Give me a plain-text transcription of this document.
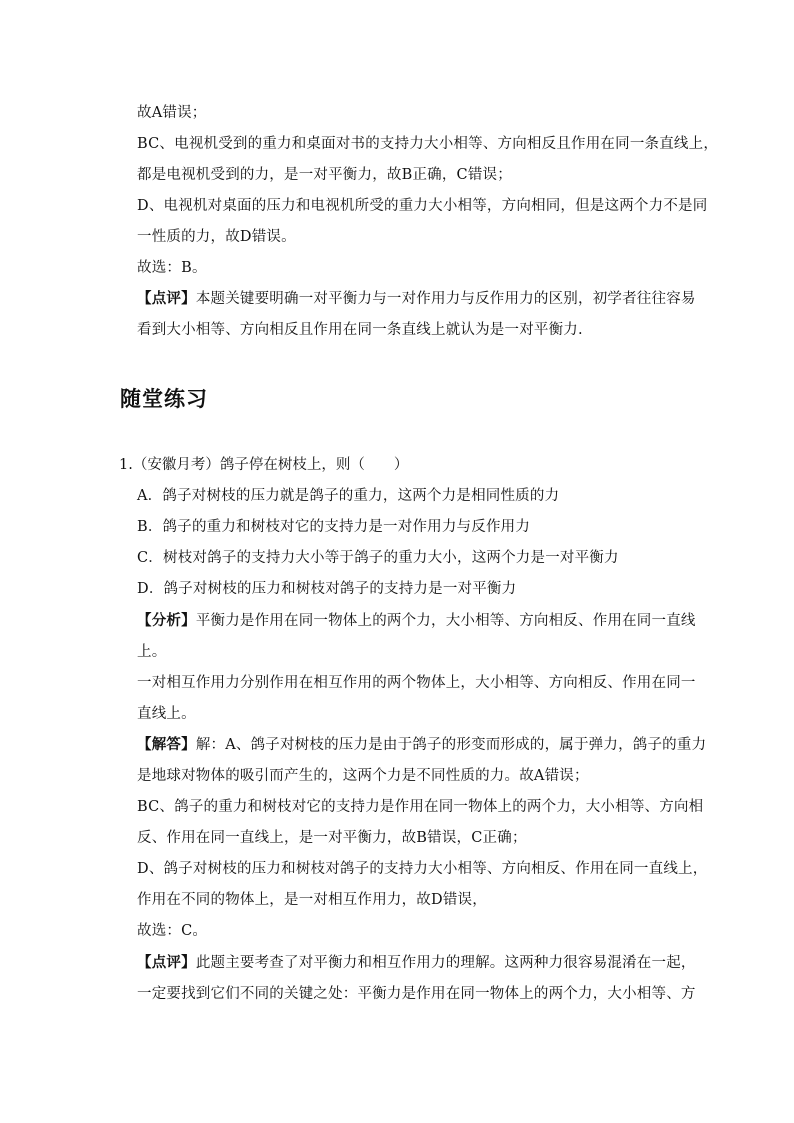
故A错误；
BC、电视机受到的重力和桌面对书的支持力大小相等、方向相反且作用在同一条直线上，
都是电视机受到的力，是一对平衡力，故B正确，C错误；
D、电视机对桌面的压力和电视机所受的重力大小相等，方向相同，但是这两个力不是同
一性质的力，故D错误。
故选：B。
【点评】本题关键要明确一对平衡力与一对作用力与反作用力的区别，初学者往往容易
看到大小相等、方向相反且作用在同一条直线上就认为是一对平衡力.
随堂练习
1.（安徽月考）鸽子停在树枝上，则（　　）
A．鸽子对树枝的压力就是鸽子的重力，这两个力是相同性质的力
B．鸽子的重力和树枝对它的支持力是一对作用力与反作用力
C．树枝对鸽子的支持力大小等于鸽子的重力大小，这两个力是一对平衡力
D．鸽子对树枝的压力和树枝对鸽子的支持力是一对平衡力
【分析】平衡力是作用在同一物体上的两个力，大小相等、方向相反、作用在同一直线
上。
一对相互作用力分别作用在相互作用的两个物体上，大小相等、方向相反、作用在同一
直线上。
【解答】解：A、鸽子对树枝的压力是由于鸽子的形变而形成的，属于弹力，鸽子的重力
是地球对物体的吸引而产生的，这两个力是不同性质的力。故A错误；
BC、鸽子的重力和树枝对它的支持力是作用在同一物体上的两个力，大小相等、方向相
反、作用在同一直线上，是一对平衡力，故B错误，C正确；
D、鸽子对树枝的压力和树枝对鸽子的支持力大小相等、方向相反、作用在同一直线上，
作用在不同的物体上，是一对相互作用力，故D错误，
故选：C。
【点评】此题主要考查了对平衡力和相互作用力的理解。这两种力很容易混淆在一起，
一定要找到它们不同的关键之处：平衡力是作用在同一物体上的两个力，大小相等、方
